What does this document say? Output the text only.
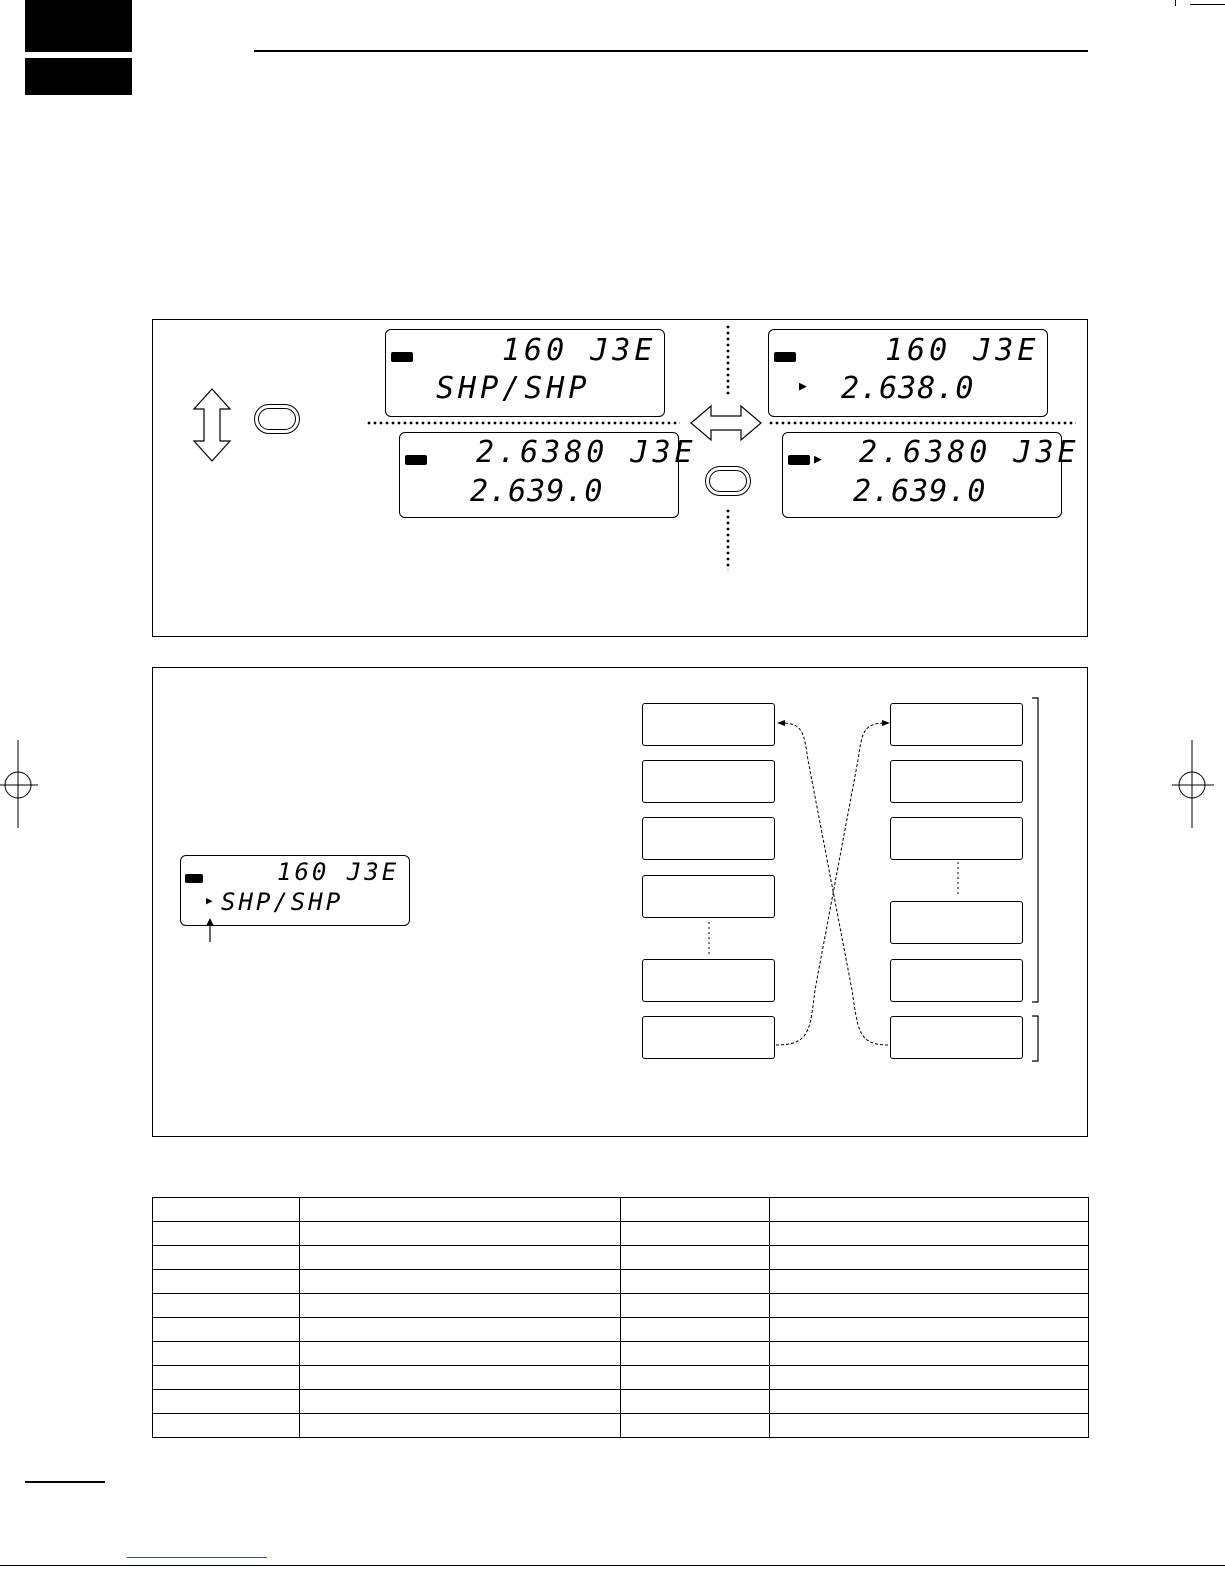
160 J3E
SHP/SHP
2.6380 J3E
2.639.0
160 J3E
▶ 2.638.0
▶ 2.6380 J3E
2.639.0
160 J3E
▶ SHP/SHP
